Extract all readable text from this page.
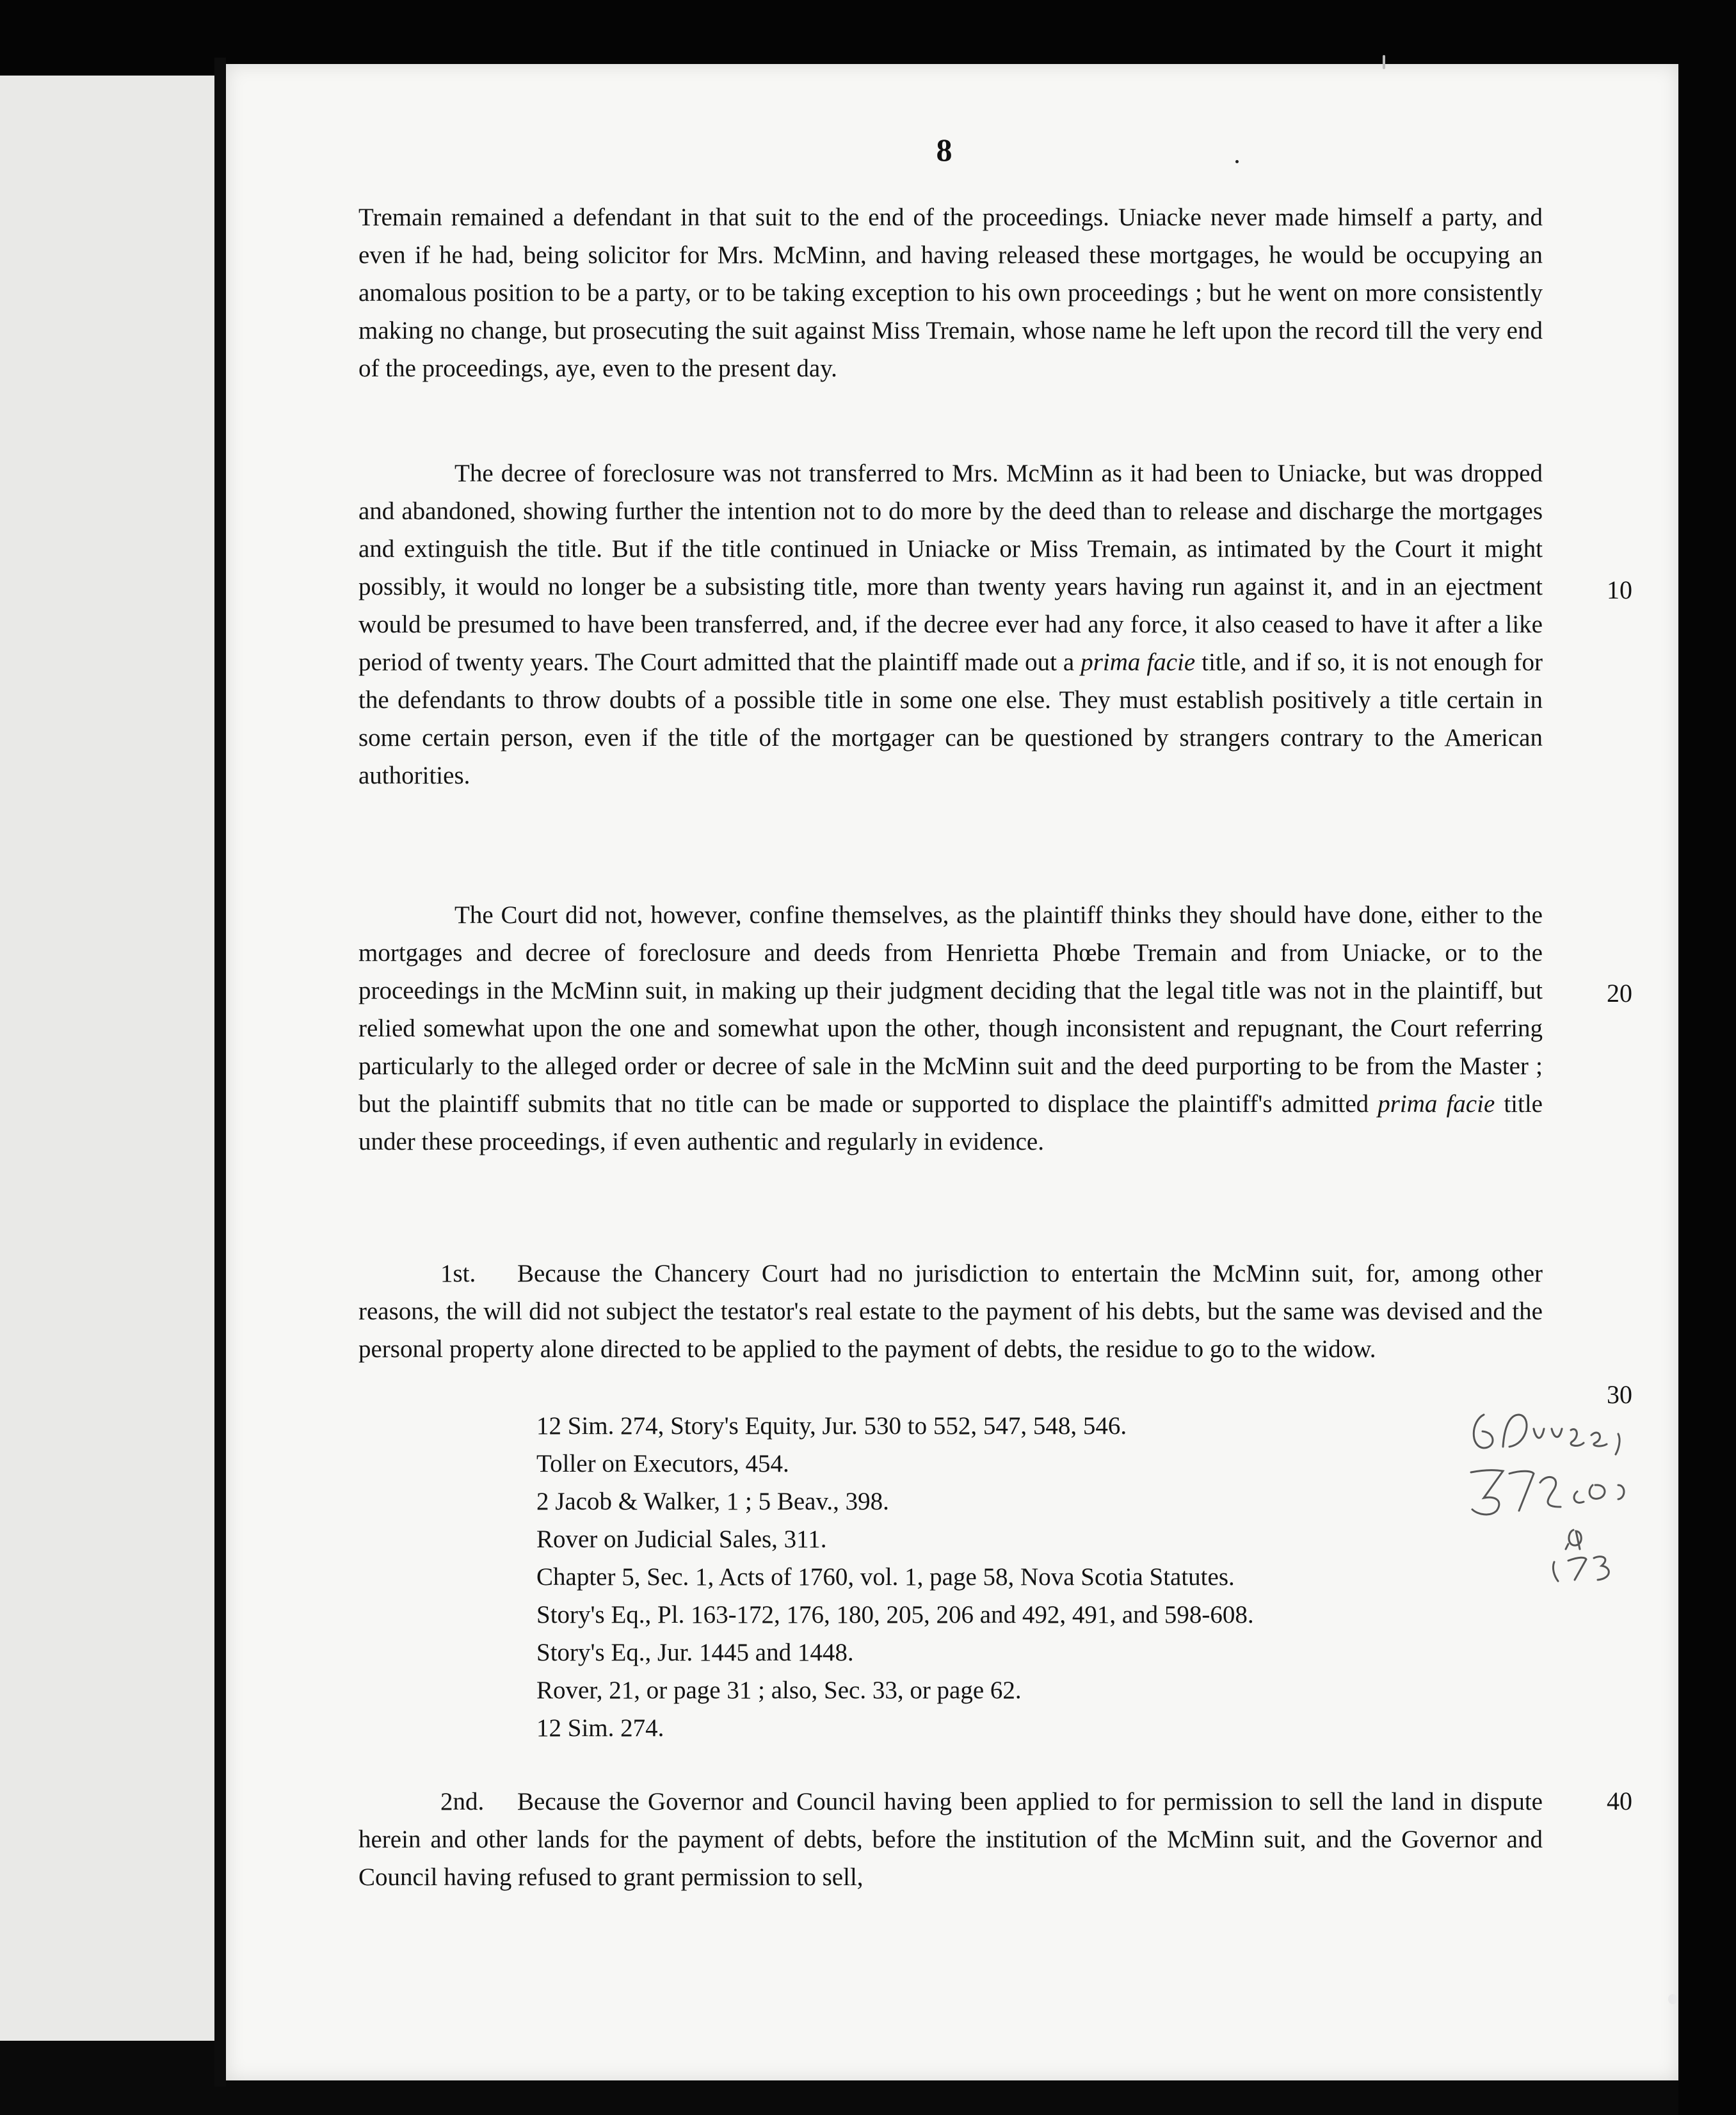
8

Tremain remained a defendant in that suit to the end of the proceedings. Uniacke never made himself a party, and even if he had, being solicitor for Mrs. McMinn, and having released these mortgages, he would be occupying an anomalous position to be a party, or to be taking exception to his own proceedings ; but he went on more consistently making no change, but prosecuting the suit against Miss Tremain, whose name he left upon the record till the very end of the proceedings, aye, even to the present day.

The decree of foreclosure was not transferred to Mrs. McMinn as it had been to Uniacke, but was dropped and abandoned, showing further the intention not to do more by the deed than to release and discharge the mortgages and extinguish the title. But if the title continued in Uniacke or Miss Tremain, as intimated by the Court it might possibly, it would no longer be a subsisting title, more than twenty years having run against it, and in an ejectment would be presumed to have been transferred, and, if the decree ever had any force, it also ceased to have it after a like period of twenty years. The Court admitted that the plaintiff made out a prima facie title, and if so, it is not enough for the defendants to throw doubts of a possible title in some one else. They must establish positively a title certain in some certain person, even if the title of the mortgager can be questioned by strangers contrary to the American authorities.

The Court did not, however, confine themselves, as the plaintiff thinks they should have done, either to the mortgages and decree of foreclosure and deeds from Henrietta Phœbe Tremain and from Uniacke, or to the proceedings in the McMinn suit, in making up their judgment deciding that the legal title was not in the plaintiff, but relied somewhat upon the one and somewhat upon the other, though inconsistent and repugnant, the Court referring particularly to the alleged order or decree of sale in the McMinn suit and the deed purporting to be from the Master ; but the plaintiff submits that no title can be made or supported to displace the plaintiff's admitted prima facie title under these proceedings, if even authentic and regularly in evidence.

1st. Because the Chancery Court had no jurisdiction to entertain the McMinn suit, for, among other reasons, the will did not subject the testator's real estate to the payment of his debts, but the same was devised and the personal property alone directed to be applied to the payment of debts, the residue to go to the widow.

12 Sim. 274, Story's Equity, Jur. 530 to 552, 547, 548, 546.
Toller on Executors, 454.
2 Jacob & Walker, 1 ; 5 Beav., 398.
Rover on Judicial Sales, 311.
Chapter 5, Sec. 1, Acts of 1760, vol. 1, page 58, Nova Scotia Statutes.
Story's Eq., Pl. 163-172, 176, 180, 205, 206 and 492, 491, and 598-608.
Story's Eq., Jur. 1445 and 1448.
Rover, 21, or page 31 ; also, Sec. 33, or page 62.
12 Sim. 274.

2nd. Because the Governor and Council having been applied to for permission to sell the land in dispute herein and other lands for the payment of debts, before the institution of the McMinn suit, and the Governor and Council having refused to grant permission to sell,

10
20
30
40
